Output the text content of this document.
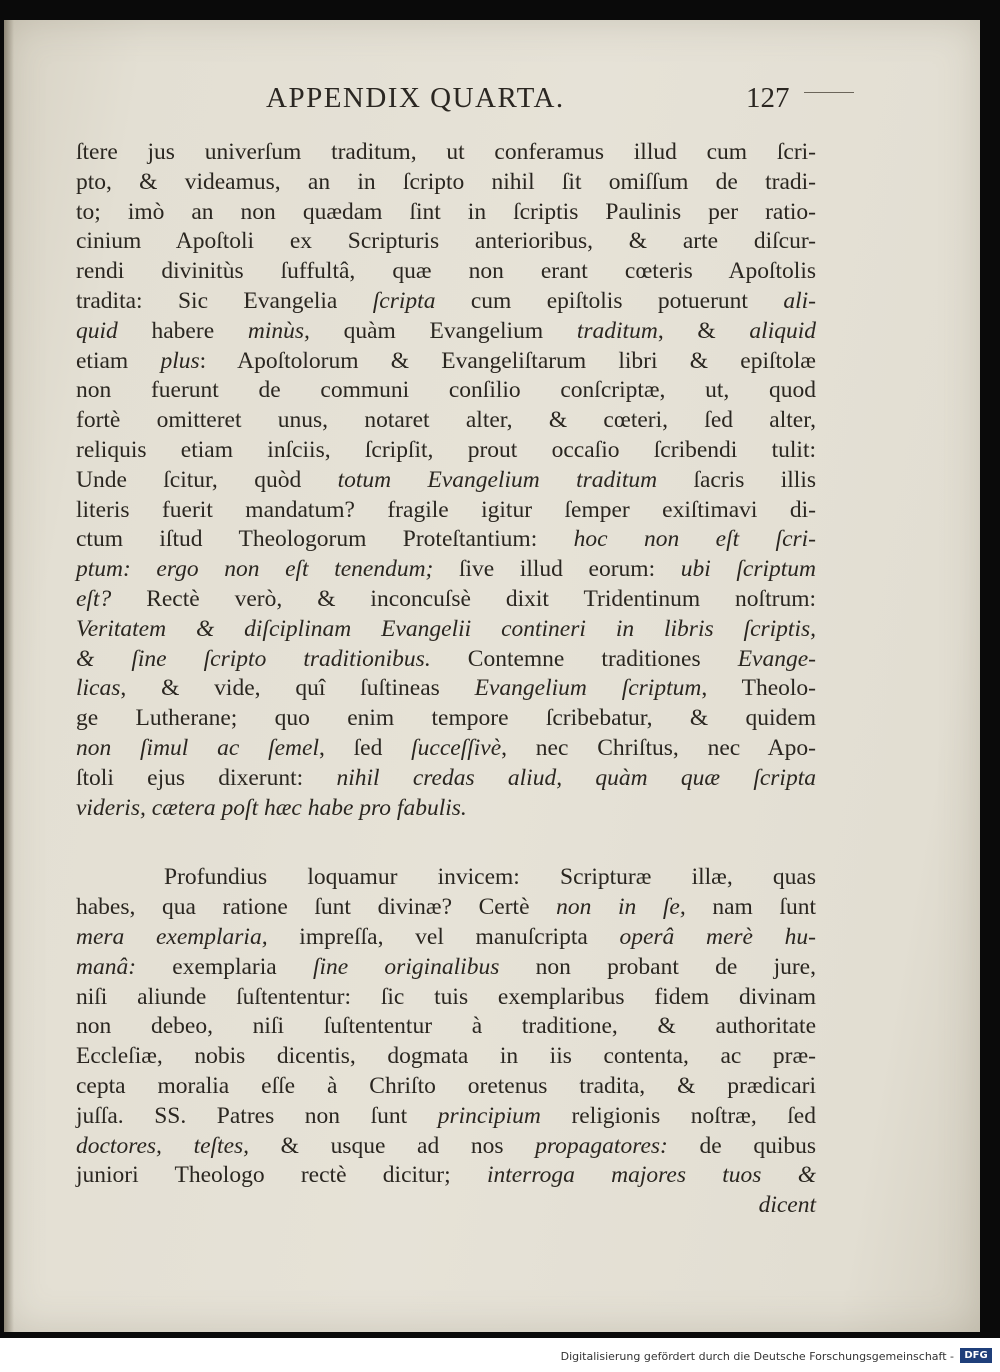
APPENDIX QUARTA.	127
ſtere jus univerſum traditum, ut conferamus illud cum ſcri-
pto, & videamus, an in ſcripto nihil ſit omiſſum de tradi-
to; imò an non quædam ſint in ſcriptis Paulinis per ratio-
cinium Apoſtoli ex Scripturis anterioribus, & arte diſcur-
rendi divinitùs ſuffultâ, quæ non erant cœteris Apoſtolis
tradita: Sic Evangelia ſcripta cum epiſtolis potuerunt ali-
quid habere minùs, quàm Evangelium traditum, & aliquid
etiam plus: Apoſtolorum & Evangeliſtarum libri & epiſtolæ
non fuerunt de communi conſilio conſcriptæ, ut, quod
fortè omitteret unus, notaret alter, & cœteri, ſed alter,
reliquis etiam inſciis, ſcripſit, prout occaſio ſcribendi tulit:
Unde ſcitur, quòd totum Evangelium traditum ſacris illis
literis fuerit mandatum? fragile igitur ſemper exiſtimavi di-
ctum iſtud Theologorum Proteſtantium: hoc non eſt ſcri-
ptum: ergo non eſt tenendum; ſive illud eorum: ubi ſcriptum
eſt? Rectè verò, & inconcuſsè dixit Tridentinum noſtrum:
Veritatem & diſciplinam Evangelii contineri in libris ſcriptis,
& ſine ſcripto traditionibus. Contemne traditiones Evange-
licas, & vide, quî ſuſtineas Evangelium ſcriptum, Theolo-
ge Lutherane; quo enim tempore ſcribebatur, & quidem
non ſimul ac ſemel, ſed ſucceſſivè, nec Chriſtus, nec Apo-
ſtoli ejus dixerunt: nihil credas aliud, quàm quæ ſcripta
videris, cætera poſt hæc habe pro fabulis.
Profundius loquamur invicem: Scripturæ illæ, quas
habes, qua ratione ſunt divinæ? Certè non in ſe, nam ſunt
mera exemplaria, impreſſa, vel manuſcripta operâ merè hu-
manâ: exemplaria ſine originalibus non probant de jure,
niſi aliunde ſuſtententur: ſic tuis exemplaribus fidem divinam
non debeo, niſi ſuſtententur à traditione, & authoritate
Eccleſiæ, nobis dicentis, dogmata in iis contenta, ac præ-
cepta moralia eſſe à Chriſto oretenus tradita, & prædicari
juſſa. SS. Patres non ſunt principium religionis noſtræ, ſed
doctores, teſtes, & usque ad nos propagatores: de quibus
juniori Theologo rectè dicitur; interroga majores tuos &
dicent
Digitalisierung gefördert durch die Deutsche Forschungsgemeinschaft -	DFG
